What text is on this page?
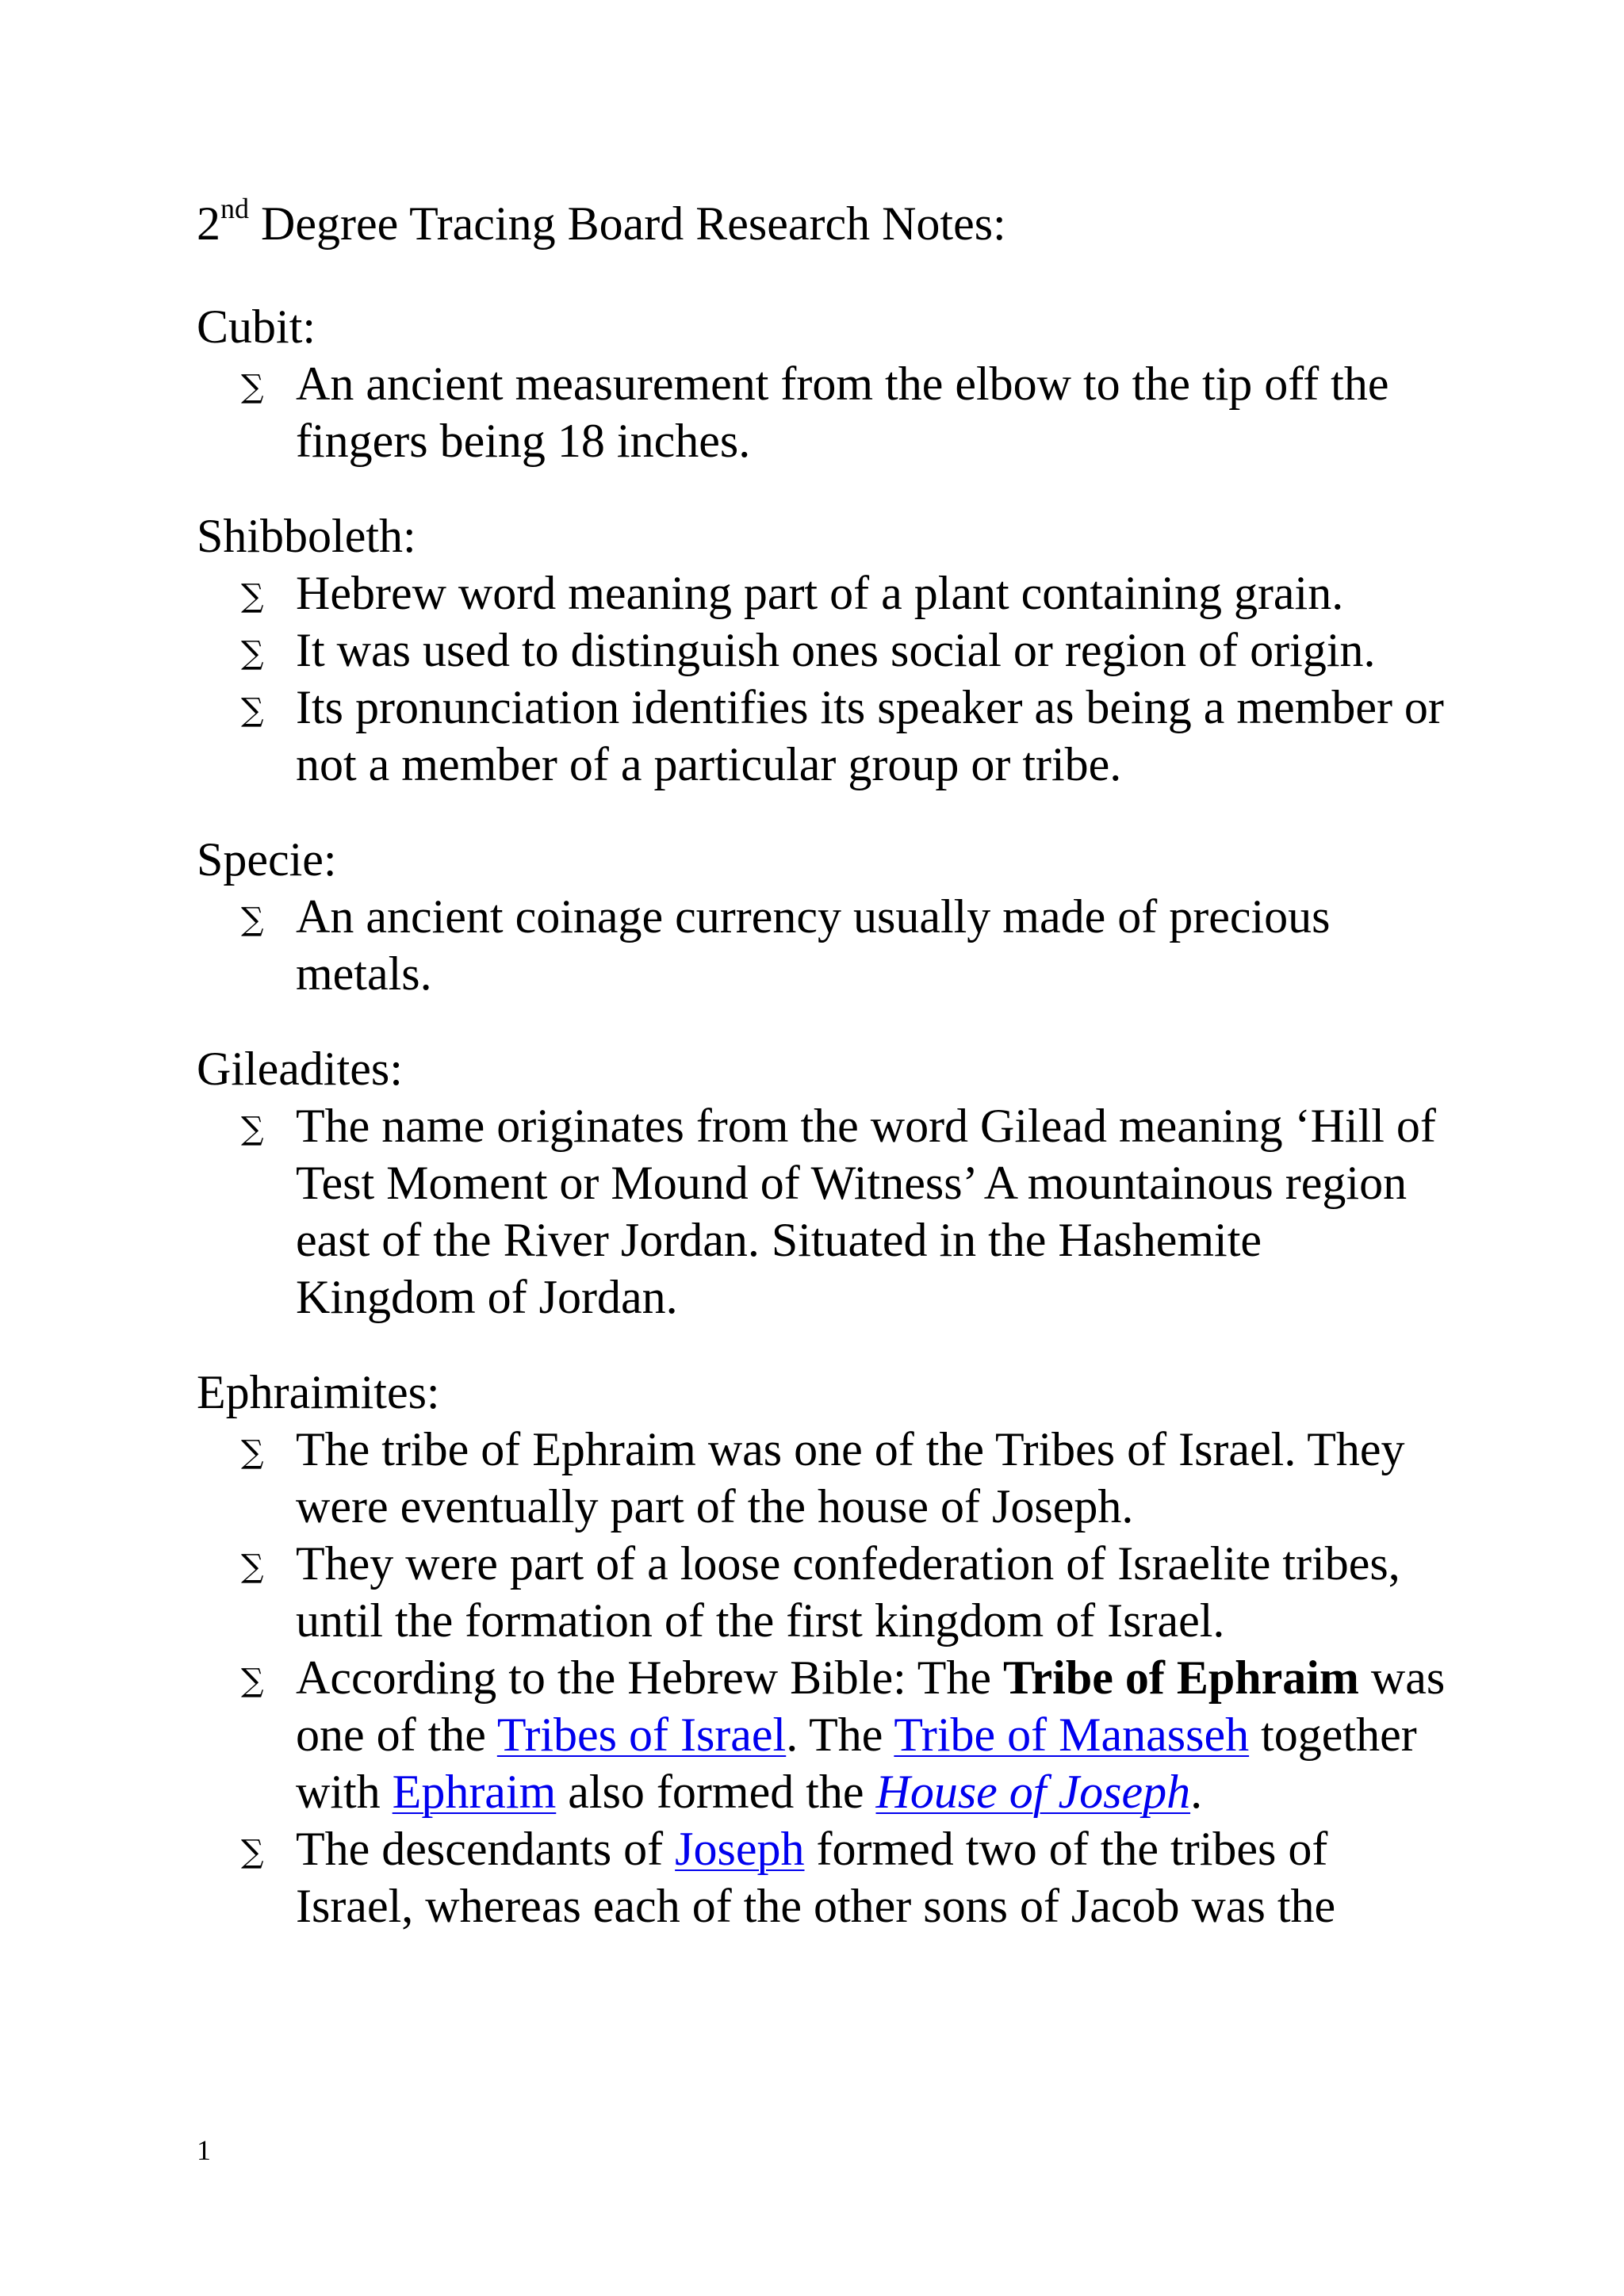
2nd Degree Tracing Board Research Notes:
Cubit:
∑ An ancient measurement from the elbow to the tip off the fingers being 18 inches.
Shibboleth:
∑ Hebrew word meaning part of a plant containing grain.
∑ It was used to distinguish ones social or region of origin.
∑ Its pronunciation identifies its speaker as being a member or not a member of a particular group or tribe.
Specie:
∑ An ancient coinage currency usually made of precious metals.
Gileadites:
∑ The name originates from the word Gilead meaning ‘Hill of Test Moment or Mound of Witness’ A mountainous region east of the River Jordan. Situated in the Hashemite Kingdom of Jordan.
Ephraimites:
∑ The tribe of Ephraim was one of the Tribes of Israel. They were eventually part of the house of Joseph.
∑ They were part of a loose confederation of Israelite tribes, until the formation of the first kingdom of Israel.
∑ According to the Hebrew Bible: The Tribe of Ephraim was one of the Tribes of Israel. The Tribe of Manasseh together with Ephraim also formed the House of Joseph.
∑ The descendants of Joseph formed two of the tribes of Israel, whereas each of the other sons of Jacob was the
1
